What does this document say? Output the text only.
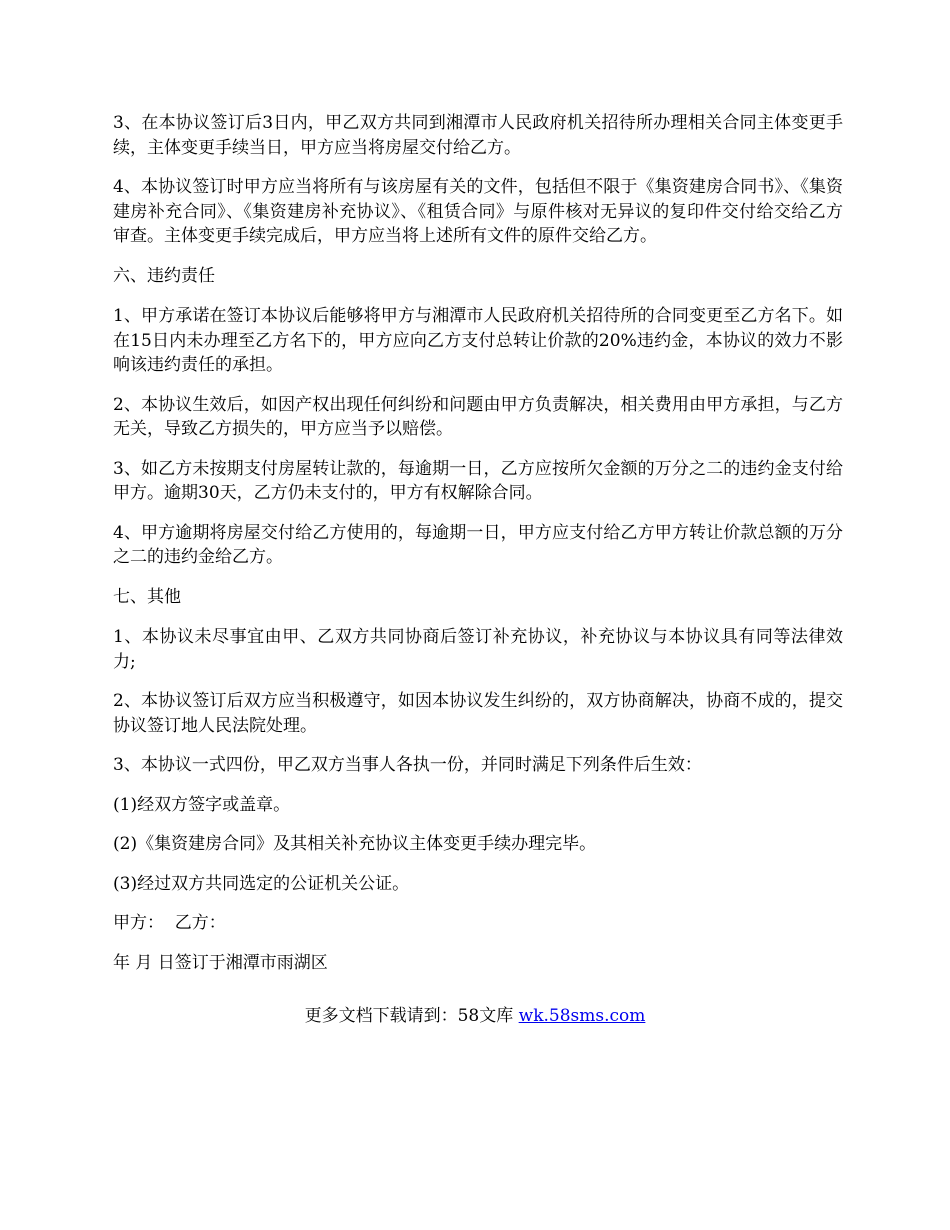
3、在本协议签订后3日内，甲乙双方共同到湘潭市人民政府机关招待所办理相关合同主体变更手续，主体变更手续当日，甲方应当将房屋交付给乙方。

4、本协议签订时甲方应当将所有与该房屋有关的文件，包括但不限于《集资建房合同书》、《集资建房补充合同》、《集资建房补充协议》、《租赁合同》与原件核对无异议的复印件交付给交给乙方审查。主体变更手续完成后，甲方应当将上述所有文件的原件交给乙方。

六、违约责任

1、甲方承诺在签订本协议后能够将甲方与湘潭市人民政府机关招待所的合同变更至乙方名下。如在15日内未办理至乙方名下的，甲方应向乙方支付总转让价款的20%违约金，本协议的效力不影响该违约责任的承担。

2、本协议生效后，如因产权出现任何纠纷和问题由甲方负责解决，相关费用由甲方承担，与乙方无关，导致乙方损失的，甲方应当予以赔偿。

3、如乙方未按期支付房屋转让款的，每逾期一日，乙方应按所欠金额的万分之二的违约金支付给甲方。逾期30天，乙方仍未支付的，甲方有权解除合同。

4、甲方逾期将房屋交付给乙方使用的，每逾期一日，甲方应支付给乙方甲方转让价款总额的万分之二的违约金给乙方。

七、其他

1、本协议未尽事宜由甲、乙双方共同协商后签订补充协议，补充协议与本协议具有同等法律效力;

2、本协议签订后双方应当积极遵守，如因本协议发生纠纷的，双方协商解决，协商不成的，提交协议签订地人民法院处理。

3、本协议一式四份，甲乙双方当事人各执一份，并同时满足下列条件后生效：

(1)经双方签字或盖章。

(2)《集资建房合同》及其相关补充协议主体变更手续办理完毕。

(3)经过双方共同选定的公证机关公证。

甲方：  乙方：

年 月 日签订于湘潭市雨湖区

更多文档下载请到：58文库 wk.58sms.com
